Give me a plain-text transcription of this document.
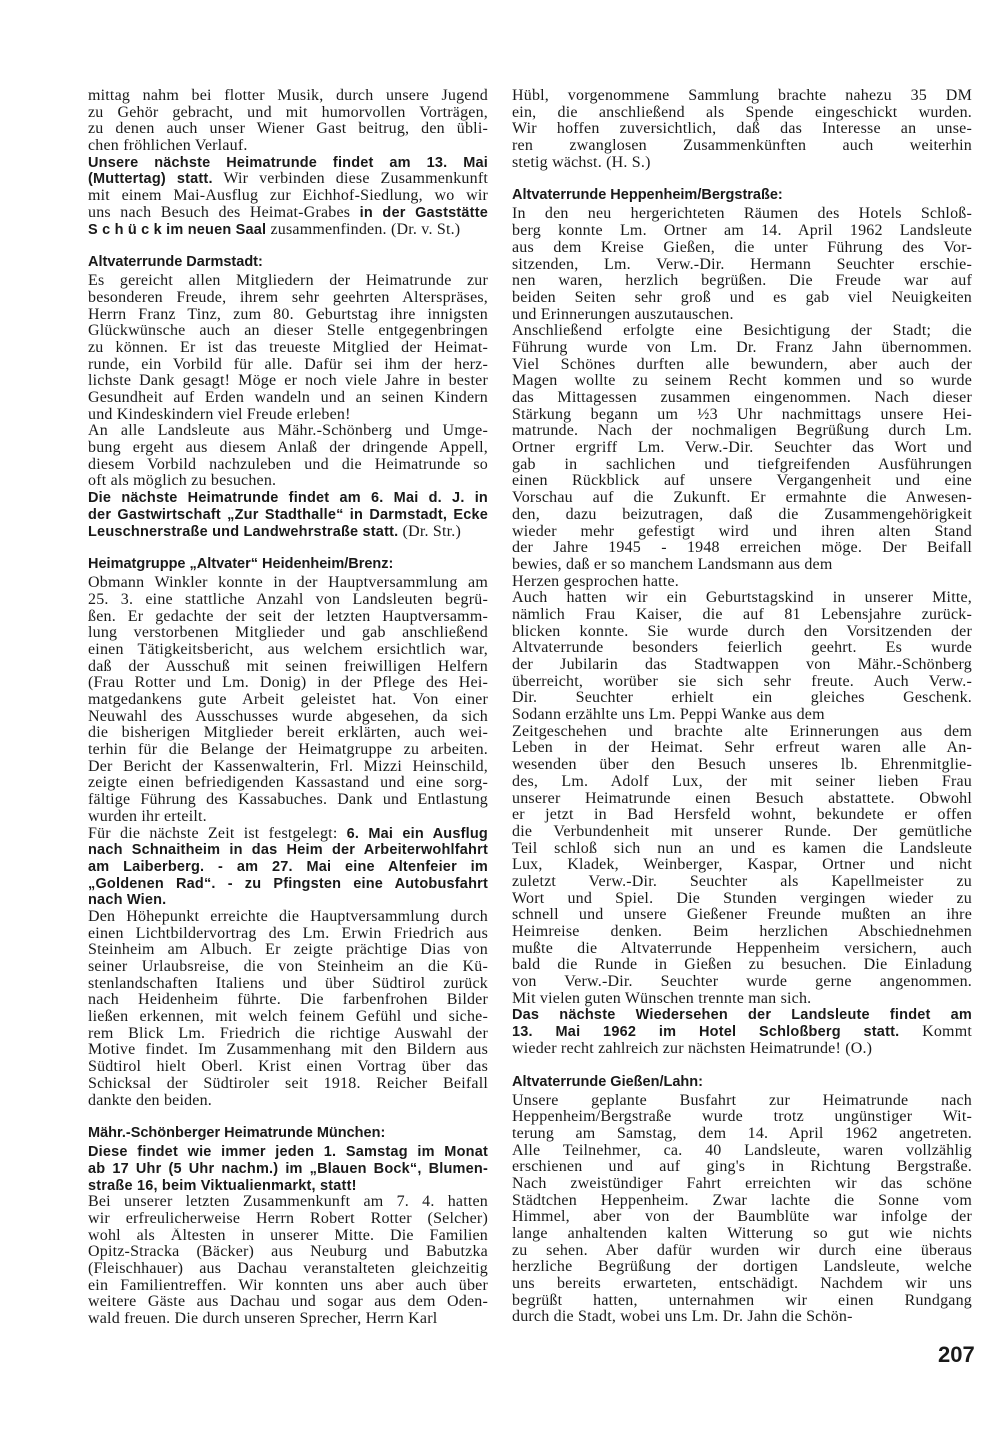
mittag nahm bei flotter Musik, durch unsere Jugend
zu Gehör gebracht, und mit humorvollen Vorträgen,
zu denen auch unser Wiener Gast beitrug, den übli-
chen fröhlichen Verlauf.
Unsere nächste Heimatrunde findet am 13. Mai
(Muttertag) statt. Wir verbinden diese Zusammenkunft
mit einem Mai-Ausflug zur Eichhof-Siedlung, wo wir
uns nach Besuch des Heimat-Grabes in der Gaststätte
S c h ü c k im neuen Saal zusammenfinden. (Dr. v. St.)
Altvaterrunde Darmstadt:
Es gereicht allen Mitgliedern der Heimatrunde zur
besonderen Freude, ihrem sehr geehrten Alterspräses,
Herrn Franz Tinz, zum 80. Geburtstag ihre innigsten
Glückwünsche auch an dieser Stelle entgegenbringen
zu können. Er ist das treueste Mitglied der Heimat-
runde, ein Vorbild für alle. Dafür sei ihm der herz-
lichste Dank gesagt! Möge er noch viele Jahre in bester
Gesundheit auf Erden wandeln und an seinen Kindern
und Kindeskindern viel Freude erleben!
An alle Landsleute aus Mähr.-Schönberg und Umge-
bung ergeht aus diesem Anlaß der dringende Appell,
diesem Vorbild nachzuleben und die Heimatrunde so
oft als möglich zu besuchen.
Die nächste Heimatrunde findet am 6. Mai d. J. in
der Gastwirtschaft „Zur Stadthalle“ in Darmstadt, Ecke
Leuschnerstraße und Landwehrstraße statt. (Dr. Str.)
Heimatgruppe „Altvater“ Heidenheim/Brenz:
Obmann Winkler konnte in der Hauptversammlung am
25. 3. eine stattliche Anzahl von Landsleuten begrü-
ßen. Er gedachte der seit der letzten Hauptversamm-
lung verstorbenen Mitglieder und gab anschließend
einen Tätigkeitsbericht, aus welchem ersichtlich war,
daß der Ausschuß mit seinen freiwilligen Helfern
(Frau Rotter und Lm. Donig) in der Pflege des Hei-
matgedankens gute Arbeit geleistet hat. Von einer
Neuwahl des Ausschusses wurde abgesehen, da sich
die bisherigen Mitglieder bereit erklärten, auch wei-
terhin für die Belange der Heimatgruppe zu arbeiten.
Der Bericht der Kassenwalterin, Frl. Mizzi Heinschild,
zeigte einen befriedigenden Kassastand und eine sorg-
fältige Führung des Kassabuches. Dank und Entlastung
wurden ihr erteilt.
Für die nächste Zeit ist festgelegt: 6. Mai ein Ausflug
nach Schnaitheim in das Heim der Arbeiterwohlfahrt
am Laiberberg. - am 27. Mai eine Altenfeier im
„Goldenen Rad“. - zu Pfingsten eine Autobusfahrt
nach Wien.
Den Höhepunkt erreichte die Hauptversammlung durch
einen Lichtbildervortrag des Lm. Erwin Friedrich aus
Steinheim am Albuch. Er zeigte prächtige Dias von
seiner Urlaubsreise, die von Steinheim an die Kü-
stenlandschaften Italiens und über Südtirol zurück
nach Heidenheim führte. Die farbenfrohen Bilder
ließen erkennen, mit welch feinem Gefühl und siche-
rem Blick Lm. Friedrich die richtige Auswahl der
Motive findet. Im Zusammenhang mit den Bildern aus
Südtirol hielt Oberl. Krist einen Vortrag über das
Schicksal der Südtiroler seit 1918. Reicher Beifall
dankte den beiden.
Mähr.-Schönberger Heimatrunde München:
Diese findet wie immer jeden 1. Samstag im Monat
ab 17 Uhr (5 Uhr nachm.) im „Blauen Bock“, Blumen-
straße 16, beim Viktualienmarkt, statt!
Bei unserer letzten Zusammenkunft am 7. 4. hatten
wir erfreulicherweise Herrn Robert Rotter (Selcher)
wohl als Ältesten in unserer Mitte. Die Familien
Opitz-Stracka (Bäcker) aus Neuburg und Babutzka
(Fleischhauer) aus Dachau veranstalteten gleichzeitig
ein Familientreffen. Wir konnten uns aber auch über
weitere Gäste aus Dachau und sogar aus dem Oden-
wald freuen. Die durch unseren Sprecher, Herrn Karl
Hübl, vorgenommene Sammlung brachte nahezu 35 DM
ein, die anschließend als Spende eingeschickt wurden.
Wir hoffen zuversichtlich, daß das Interesse an unse-
ren zwanglosen Zusammenkünften auch weiterhin
stetig wächst. (H. S.)
Altvaterrunde Heppenheim/Bergstraße:
In den neu hergerichteten Räumen des Hotels Schloß-
berg konnte Lm. Ortner am 14. April 1962 Landsleute
aus dem Kreise Gießen, die unter Führung des Vor-
sitzenden, Lm. Verw.-Dir. Hermann Seuchter erschie-
nen waren, herzlich begrüßen. Die Freude war auf
beiden Seiten sehr groß und es gab viel Neuigkeiten
und Erinnerungen auszutauschen.
Anschließend erfolgte eine Besichtigung der Stadt; die
Führung wurde von Lm. Dr. Franz Jahn übernommen.
Viel Schönes durften alle bewundern, aber auch der
Magen wollte zu seinem Recht kommen und so wurde
das Mittagessen zusammen eingenommen. Nach dieser
Stärkung begann um ½3 Uhr nachmittags unsere Hei-
matrunde. Nach der nochmaligen Begrüßung durch Lm.
Ortner ergriff Lm. Verw.-Dir. Seuchter das Wort und
gab in sachlichen und tiefgreifenden Ausführungen
einen Rückblick auf unsere Vergangenheit und eine
Vorschau auf die Zukunft. Er ermahnte die Anwesen-
den, dazu beizutragen, daß die Zusammengehörigkeit
wieder mehr gefestigt wird und ihren alten Stand
der Jahre 1945 - 1948 erreichen möge. Der Beifall
bewies, daß er so manchem Landsmann aus dem
Herzen gesprochen hatte.
Auch hatten wir ein Geburtstagskind in unserer Mitte,
nämlich Frau Kaiser, die auf 81 Lebensjahre zurück-
blicken konnte. Sie wurde durch den Vorsitzenden der
Altvaterrunde besonders feierlich geehrt. Es wurde
der Jubilarin das Stadtwappen von Mähr.-Schönberg
überreicht, worüber sie sich sehr freute. Auch Verw.-
Dir. Seuchter erhielt ein gleiches Geschenk.
Sodann erzählte uns Lm. Peppi Wanke aus dem
Zeitgeschehen und brachte alte Erinnerungen aus dem
Leben in der Heimat. Sehr erfreut waren alle An-
wesenden über den Besuch unseres lb. Ehrenmitglie-
des, Lm. Adolf Lux, der mit seiner lieben Frau
unserer Heimatrunde einen Besuch abstattete. Obwohl
er jetzt in Bad Hersfeld wohnt, bekundete er offen
die Verbundenheit mit unserer Runde. Der gemütliche
Teil schloß sich nun an und es kamen die Landsleute
Lux, Kladek, Weinberger, Kaspar, Ortner und nicht
zuletzt Verw.-Dir. Seuchter als Kapellmeister zu
Wort und Spiel. Die Stunden vergingen wieder zu
schnell und unsere Gießener Freunde mußten an ihre
Heimreise denken. Beim herzlichen Abschiednehmen
mußte die Altvaterrunde Heppenheim versichern, auch
bald die Runde in Gießen zu besuchen. Die Einladung
von Verw.-Dir. Seuchter wurde gerne angenommen.
Mit vielen guten Wünschen trennte man sich.
Das nächste Wiedersehen der Landsleute findet am
13. Mai 1962 im Hotel Schloßberg statt. Kommt
wieder recht zahlreich zur nächsten Heimatrunde! (O.)
Altvaterrunde Gießen/Lahn:
Unsere geplante Busfahrt zur Heimatrunde nach
Heppenheim/Bergstraße wurde trotz ungünstiger Wit-
terung am Samstag, dem 14. April 1962 angetreten.
Alle Teilnehmer, ca. 40 Landsleute, waren vollzählig
erschienen und auf ging's in Richtung Bergstraße.
Nach zweistündiger Fahrt erreichten wir das schöne
Städtchen Heppenheim. Zwar lachte die Sonne vom
Himmel, aber von der Baumblüte war infolge der
lange anhaltenden kalten Witterung so gut wie nichts
zu sehen. Aber dafür wurden wir durch eine überaus
herzliche Begrüßung der dortigen Landsleute, welche
uns bereits erwarteten, entschädigt. Nachdem wir uns
begrüßt hatten, unternahmen wir einen Rundgang
durch die Stadt, wobei uns Lm. Dr. Jahn die Schön-
207
